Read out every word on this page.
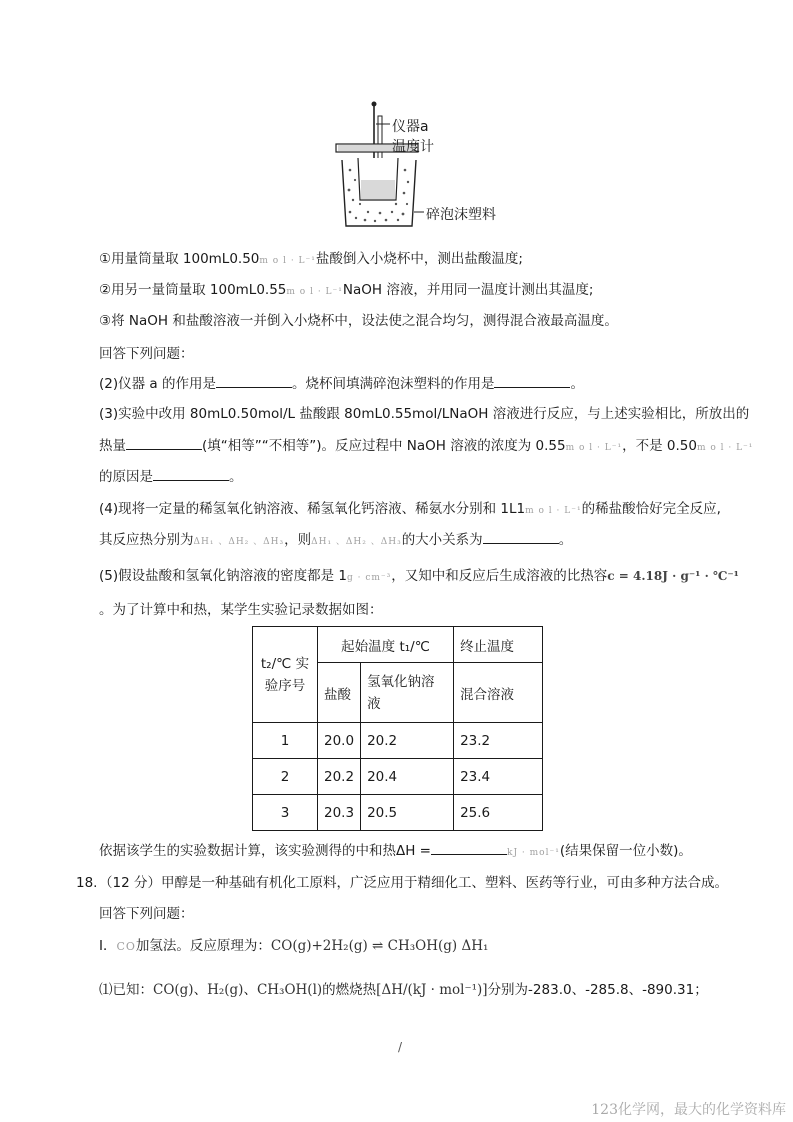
仪器a
温度计
碎泡沫塑料
①用量筒量取 100mL0.50m o l · L⁻¹盐酸倒入小烧杯中，测出盐酸温度;
②用另一量筒量取 100mL0.55m o l · L⁻¹NaOH 溶液，并用同一温度计测出其温度;
③将 NaOH 和盐酸溶液一并倒入小烧杯中，设法使之混合均匀，测得混合液最高温度。
回答下列问题：
(2)仪器 a 的作用是	。烧杯间填满碎泡沫塑料的作用是	。
(3)实验中改用 80mL0.50mol/L 盐酸跟 80mL0.55mol/LNaOH 溶液进行反应，与上述实验相比，所放出的
热量	(填“相等”“不相等”)。反应过程中 NaOH 溶液的浓度为 0.55m o l · L⁻¹，不是 0.50m o l · L⁻¹
的原因是	。
(4)现将一定量的稀氢氧化钠溶液、稀氢氧化钙溶液、稀氨水分别和 1L1m o l · L⁻¹的稀盐酸恰好完全反应,
其反应热分别为ΔH₁ 、ΔH₂ 、ΔH₃，则ΔH₁ 、ΔH₂ 、ΔH₃的大小关系为	。
(5)假设盐酸和氢氧化钠溶液的密度都是 1g · cm⁻³，又知中和反应后生成溶液的比热容c = 4.18J · g⁻¹ · ℃⁻¹
。为了计算中和热，某学生实验记录数据如图：
t₂/℃ 实验序号	起始温度 t₁/℃		终止温度
	盐酸	氢氧化钠溶液	混合溶液
1	20.0	20.2	23.2
2	20.2	20.4	23.4
3	20.3	20.5	25.6
依据该学生的实验数据计算，该实验测得的中和热ΔH =	kJ · mol⁻¹(结果保留一位小数)。
18. （12 分）甲醇是一种基础有机化工原料，广泛应用于精细化工、塑料、医药等行业，可由多种方法合成。
回答下列问题：
Ⅰ．CO加氢法。反应原理为：CO(g)+2H₂(g) ⇌ CH₃OH(g) ΔH₁
⑴已知：CO(g)、H₂(g)、CH₃OH(l)的燃烧热[ΔH/(kJ · mol⁻¹)]分别为-283.0、-285.8、-890.31；
/
123化学网，最大的化学资料库
